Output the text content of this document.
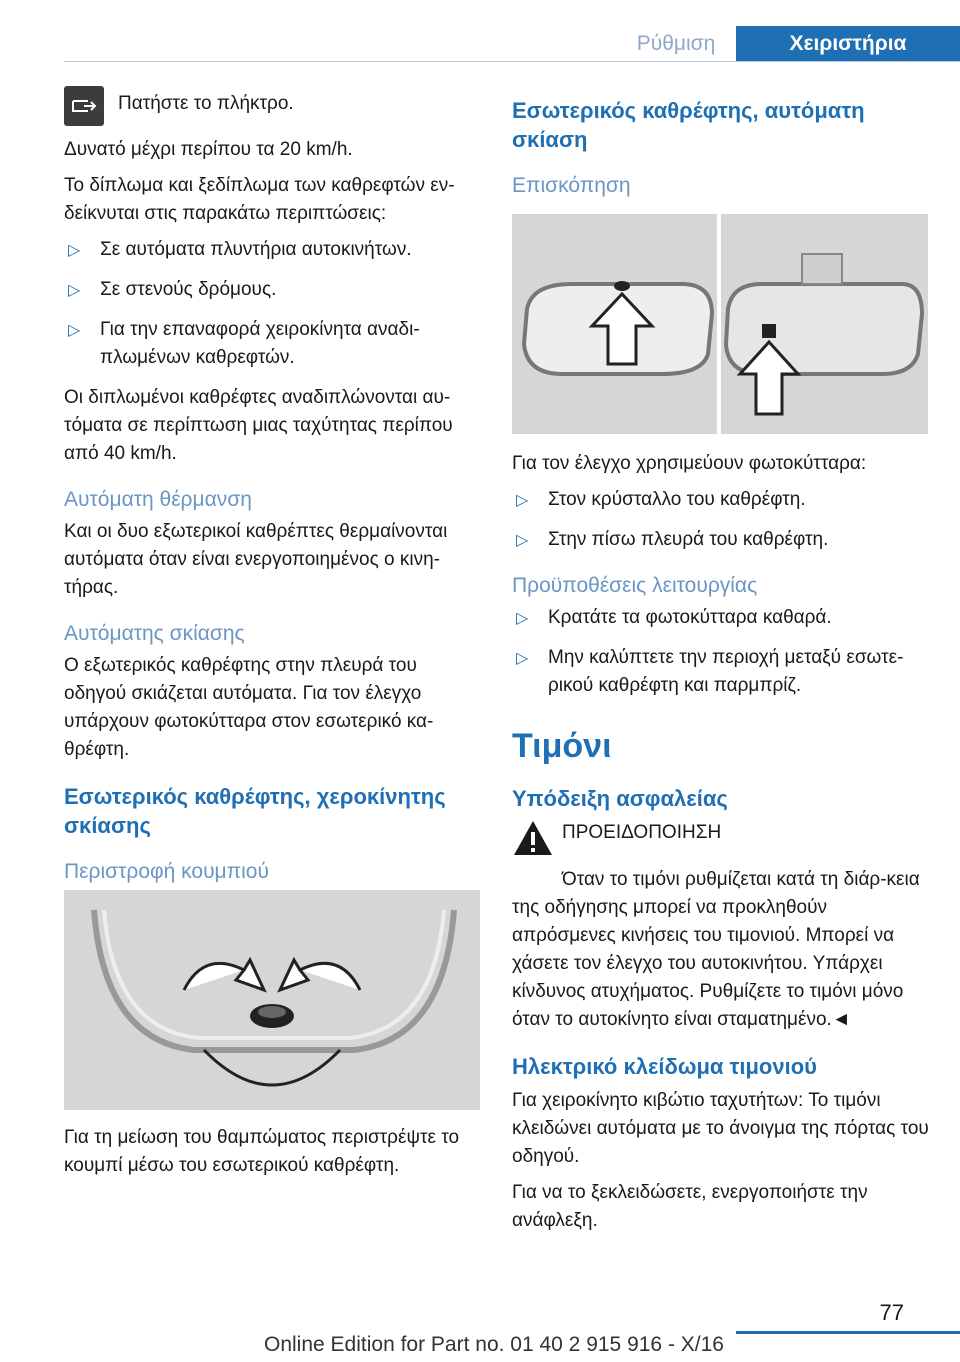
Ρύθμιση	Χειριστήρια

Πατήστε το πλήκτρο.

Δυνατό μέχρι περίπου τα 20 km/h.

Το δίπλωμα και ξεδίπλωμα των καθρεφτών εν‐δείκνυται στις παρακάτω περιπτώσεις:

▷ Σε αυτόματα πλυντήρια αυτοκινήτων.
▷ Σε στενούς δρόμους.
▷ Για την επαναφορά χειροκίνητα αναδι‐πλωμένων καθρεφτών.

Οι διπλωμένοι καθρέφτες αναδιπλώνονται αυ‐τόματα σε περίπτωση μιας ταχύτητας περίπου από 40 km/h.

Αυτόματη θέρμανση

Και οι δυο εξωτερικοί καθρέπτες θερμαίνονται αυτόματα όταν είναι ενεργοποιημένος ο κινη‐τήρας.

Αυτόματης σκίασης

Ο εξωτερικός καθρέφτης στην πλευρά του οδηγού σκιάζεται αυτόματα. Για τον έλεγχο υπάρχουν φωτοκύτταρα στον εσωτερικό κα‐θρέφτη.

Εσωτερικός καθρέφτης, χεροκίνητης σκίασης
Περιστροφή κουμπιού

Για τη μείωση του θαμπώματος περιστρέψτε το κουμπί μέσω του εσωτερικού καθρέφτη.

Εσωτερικός καθρέφτης, αυτόματη σκίαση
Επισκόπηση

Για τον έλεγχο χρησιμεύουν φωτοκύτταρα:

▷ Στον κρύσταλλο του καθρέφτη.
▷ Στην πίσω πλευρά του καθρέφτη.
Προϋποθέσεις λειτουργίας
▷ Κρατάτε τα φωτοκύτταρα καθαρά.
▷ Μην καλύπτετε την περιοχή μεταξύ εσωτε‐ρικού καθρέφτη και παρμπρίζ.
Τιμόνι
Υπόδειξη ασφαλείας

ΠΡΟΕΙΔΟΠΟΙΗΣΗ

Όταν το τιμόνι ρυθμίζεται κατά τη διάρ‐κεια της οδήγησης μπορεί να προκληθούν απρόσμενες κινήσεις του τιμονιού. Μπορεί να χάσετε τον έλεγχο του αυτοκινήτου. Υπάρχει κίνδυνος ατυχήματος. Ρυθμίζετε το τιμόνι μόνο όταν το αυτοκίνητο είναι σταματημένο.◄

Ηλεκτρικό κλείδωμα τιμονιού

Για χειροκίνητο κιβώτιο ταχυτήτων: Το τιμόνι κλειδώνει αυτόματα με το άνοιγμα της πόρτας του οδηγού.

Για να το ξεκλειδώσετε, ενεργοποιήστε την ανάφλεξη.

77
Online Edition for Part no. 01 40 2 915 916 - X/16
